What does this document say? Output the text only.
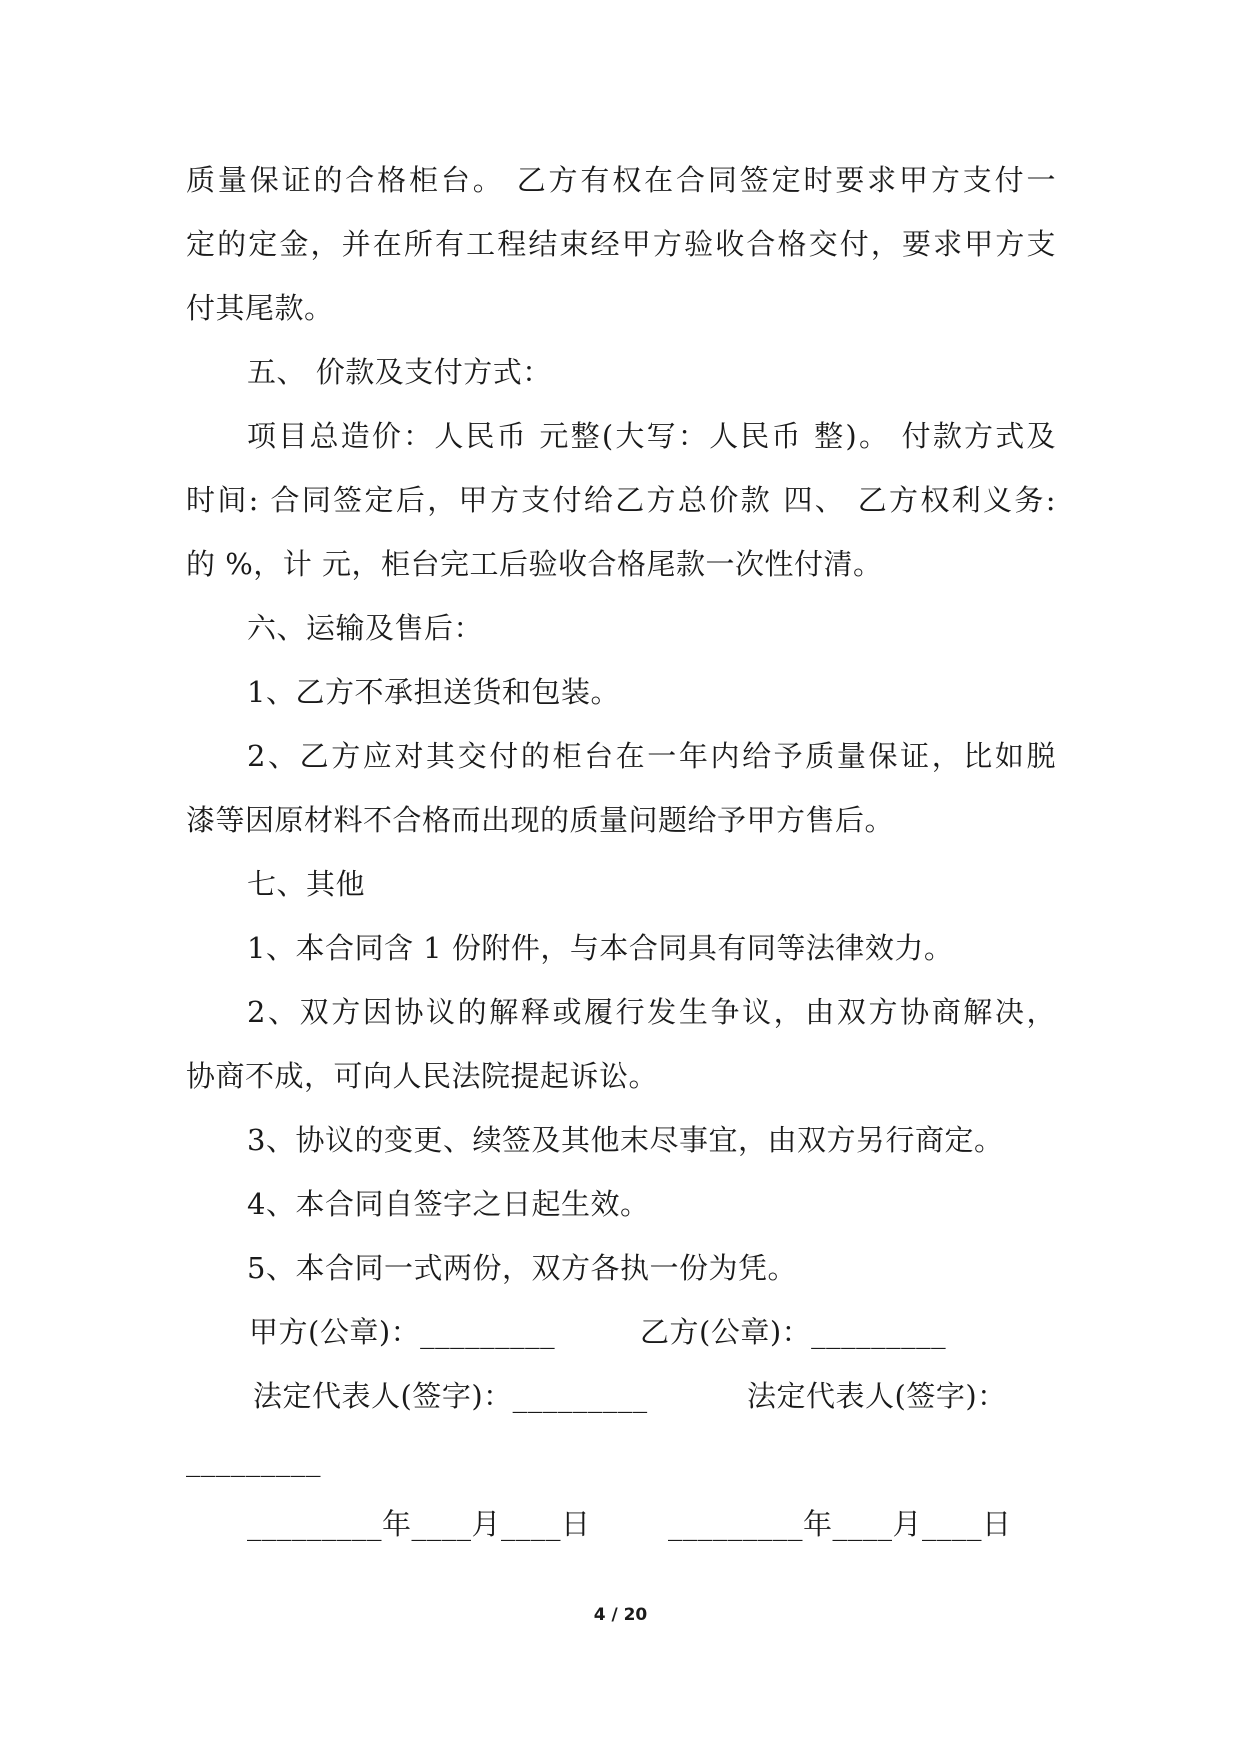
质量保证的合格柜台。 乙方有权在合同签定时要求甲方支付一
定的定金，并在所有工程结束经甲方验收合格交付，要求甲方支
付其尾款。
五、 价款及支付方式：
项目总造价：人民币 元整(大写：人民币 整)。 付款方式及
时间: 合同签定后，甲方支付给乙方总价款 四、 乙方权利义务:
的 %，计 元，柜台完工后验收合格尾款一次性付清。
六、运输及售后：
1、乙方不承担送货和包装。
2、乙方应对其交付的柜台在一年内给予质量保证，比如脱
漆等因原材料不合格而出现的质量问题给予甲方售后。
七、其他
1、本合同含 1 份附件，与本合同具有同等法律效力。
2、双方因协议的解释或履行发生争议，由双方协商解决，
协商不成，可向人民法院提起诉讼。
3、协议的变更、续签及其他末尽事宜，由双方另行商定。
4、本合同自签字之日起生效。
5、本合同一式两份，双方各执一份为凭。
甲方(公章)：_________	乙方(公章)：_________
法定代表人(签字)：_________	法定代表人(签字)：
_________
_________年____月____日	_________年____月____日
4 / 20
